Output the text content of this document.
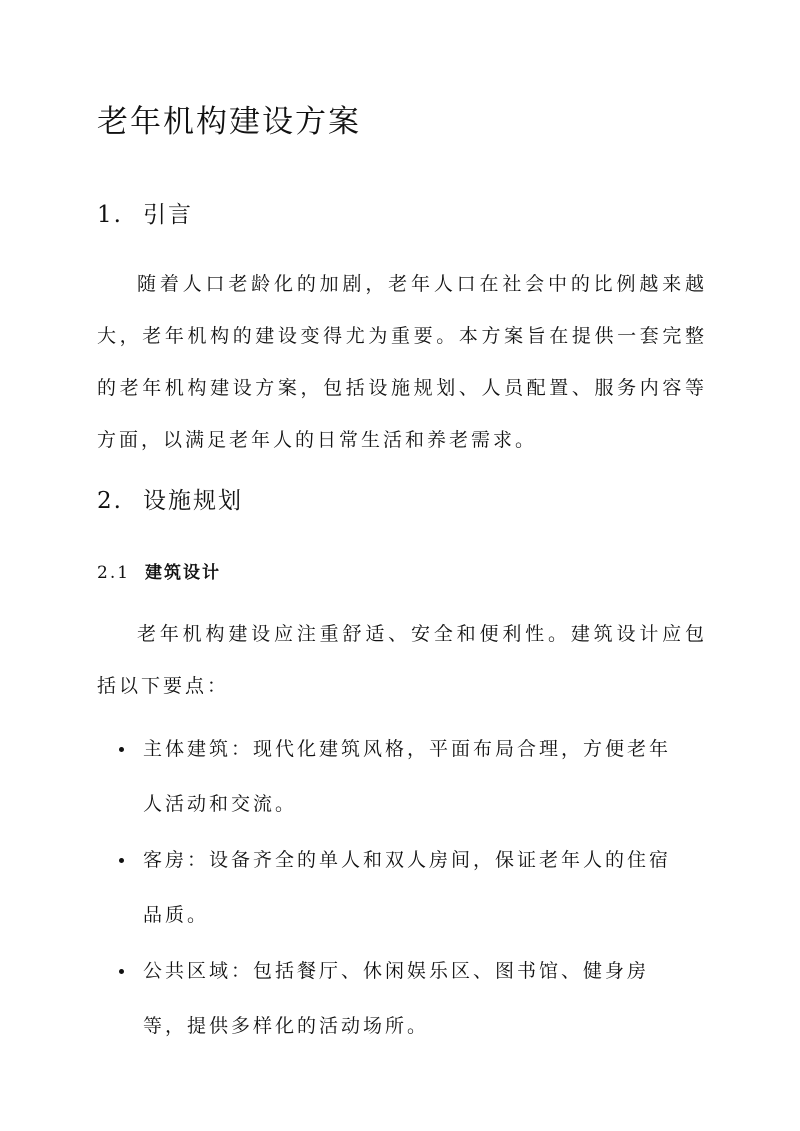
老年机构建设方案
1. 引言

随着人口老龄化的加剧，老年人口在社会中的比例越来越大，老年机构的建设变得尤为重要。本方案旨在提供一套完整的老年机构建设方案，包括设施规划、人员配置、服务内容等方面，以满足老年人的日常生活和养老需求。

2. 设施规划
2.1 建筑设计

老年机构建设应注重舒适、安全和便利性。建筑设计应包括以下要点：

主体建筑：现代化建筑风格，平面布局合理，方便老年人活动和交流。
客房：设备齐全的单人和双人房间，保证老年人的住宿品质。
公共区域：包括餐厅、休闲娱乐区、图书馆、健身房等，提供多样化的活动场所。
